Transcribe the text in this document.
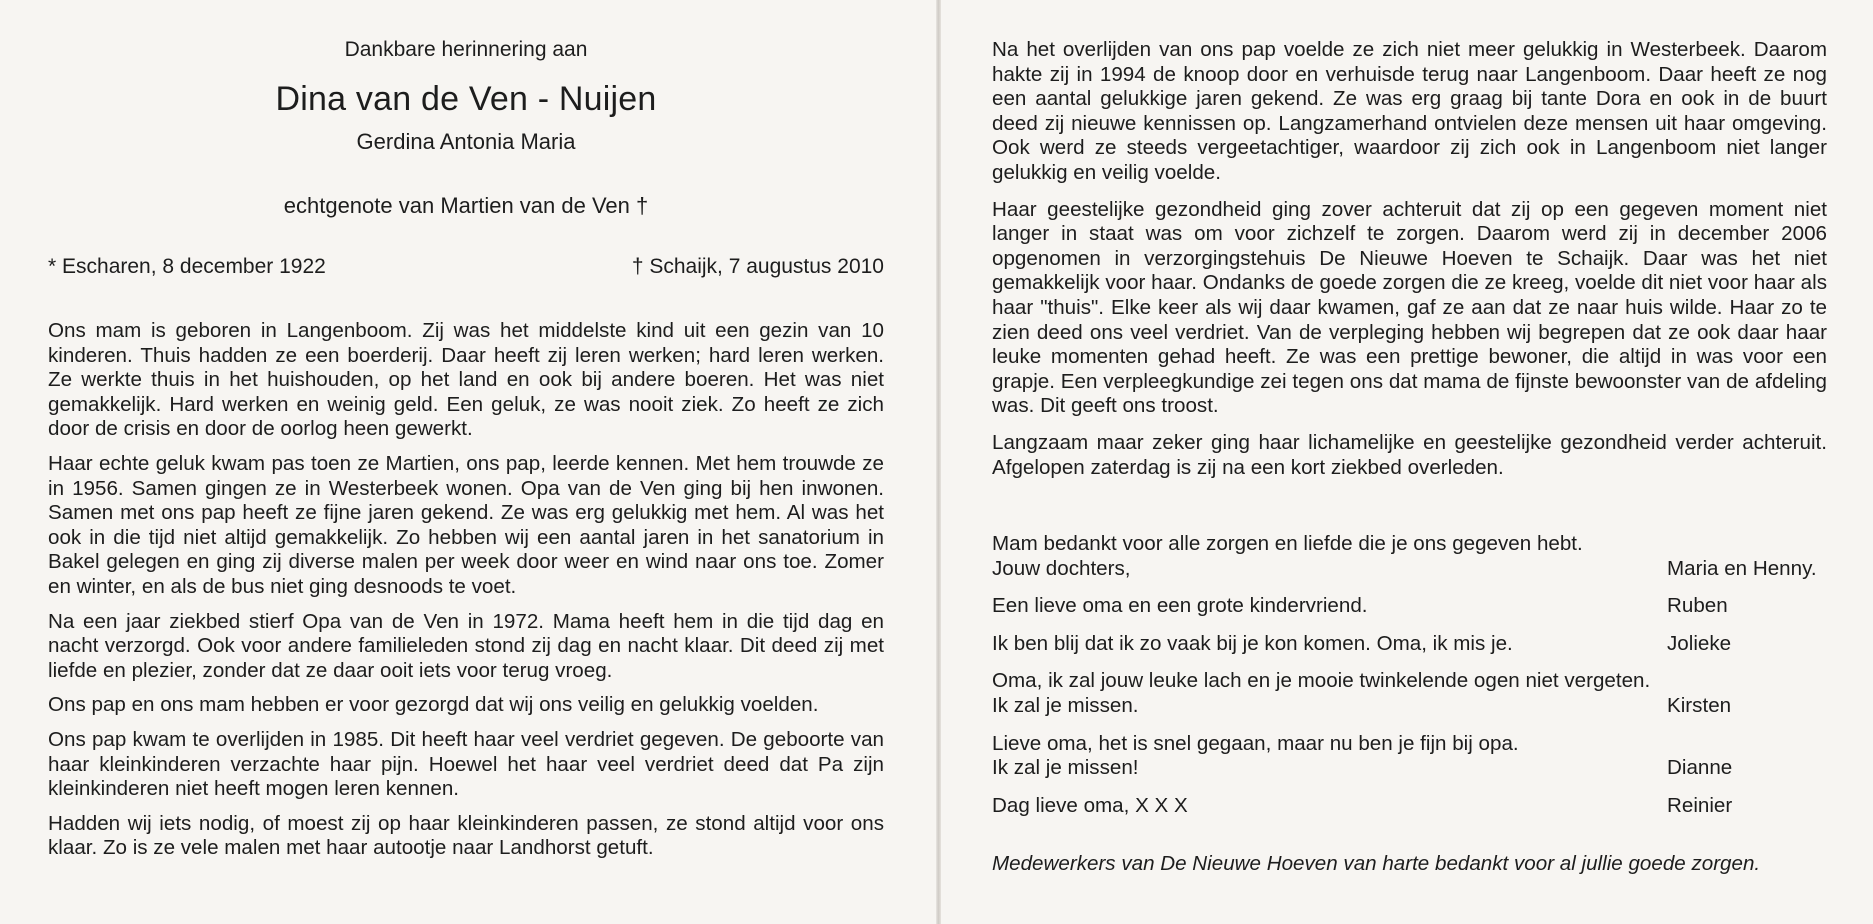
Dankbare herinnering aan
Dina van de Ven - Nuijen
Gerdina Antonia Maria
echtgenote van Martien van de Ven †
* Escharen, 8 december 1922	† Schaijk, 7 augustus 2010

Ons mam is geboren in Langenboom. Zij was het middelste kind uit een gezin van 10 kinderen. Thuis hadden ze een boerderij. Daar heeft zij leren werken; hard leren werken. Ze werkte thuis in het huishouden, op het land en ook bij andere boeren. Het was niet gemakkelijk. Hard werken en weinig geld. Een geluk, ze was nooit ziek. Zo heeft ze zich door de crisis en door de oorlog heen gewerkt.

Haar echte geluk kwam pas toen ze Martien, ons pap, leerde kennen. Met hem trouwde ze in 1956. Samen gingen ze in Westerbeek wonen. Opa van de Ven ging bij hen inwonen. Samen met ons pap heeft ze fijne jaren gekend. Ze was erg gelukkig met hem. Al was het ook in die tijd niet altijd gemakkelijk. Zo hebben wij een aantal jaren in het sanatorium in Bakel gelegen en ging zij diverse malen per week door weer en wind naar ons toe. Zomer en winter, en als de bus niet ging desnoods te voet.

Na een jaar ziekbed stierf Opa van de Ven in 1972. Mama heeft hem in die tijd dag en nacht verzorgd. Ook voor andere familieleden stond zij dag en nacht klaar. Dit deed zij met liefde en plezier, zonder dat ze daar ooit iets voor terug vroeg.

Ons pap en ons mam hebben er voor gezorgd dat wij ons veilig en gelukkig voelden.

Ons pap kwam te overlijden in 1985. Dit heeft haar veel verdriet gegeven. De geboorte van haar kleinkinderen verzachte haar pijn. Hoewel het haar veel verdriet deed dat Pa zijn kleinkinderen niet heeft mogen leren kennen.

Hadden wij iets nodig, of moest zij op haar kleinkinderen passen, ze stond altijd voor ons klaar. Zo is ze vele malen met haar autootje naar Landhorst getuft.

Na het overlijden van ons pap voelde ze zich niet meer gelukkig in Westerbeek. Daarom hakte zij in 1994 de knoop door en verhuisde terug naar Langenboom. Daar heeft ze nog een aantal gelukkige jaren gekend. Ze was erg graag bij tante Dora en ook in de buurt deed zij nieuwe kennissen op. Langzamerhand ontvielen deze mensen uit haar omgeving. Ook werd ze steeds vergeetachtiger, waardoor zij zich ook in Langenboom niet langer gelukkig en veilig voelde.

Haar geestelijke gezondheid ging zover achteruit dat zij op een gegeven moment niet langer in staat was om voor zichzelf te zorgen. Daarom werd zij in december 2006 opgenomen in verzorgingstehuis De Nieuwe Hoeven te Schaijk. Daar was het niet gemakkelijk voor haar. Ondanks de goede zorgen die ze kreeg, voelde dit niet voor haar als haar "thuis". Elke keer als wij daar kwamen, gaf ze aan dat ze naar huis wilde. Haar zo te zien deed ons veel verdriet. Van de verpleging hebben wij begrepen dat ze ook daar haar leuke momenten gehad heeft. Ze was een prettige bewoner, die altijd in was voor een grapje. Een verpleegkundige zei tegen ons dat mama de fijnste bewoonster van de afdeling was. Dit geeft ons troost.

Langzaam maar zeker ging haar lichamelijke en geestelijke gezondheid verder achteruit. Afgelopen zaterdag is zij na een kort ziekbed overleden.

Mam bedankt voor alle zorgen en liefde die je ons gegeven hebt.
Jouw dochters,	Maria en Henny.
Een lieve oma en een grote kindervriend.	Ruben
Ik ben blij dat ik zo vaak bij je kon komen. Oma, ik mis je.	Jolieke
Oma, ik zal jouw leuke lach en je mooie twinkelende ogen niet vergeten.
Ik zal je missen.	Kirsten
Lieve oma, het is snel gegaan, maar nu ben je fijn bij opa.
Ik zal je missen!	Dianne
Dag lieve oma, X X X	Reinier
Medewerkers van De Nieuwe Hoeven van harte bedankt voor al jullie goede zorgen.
